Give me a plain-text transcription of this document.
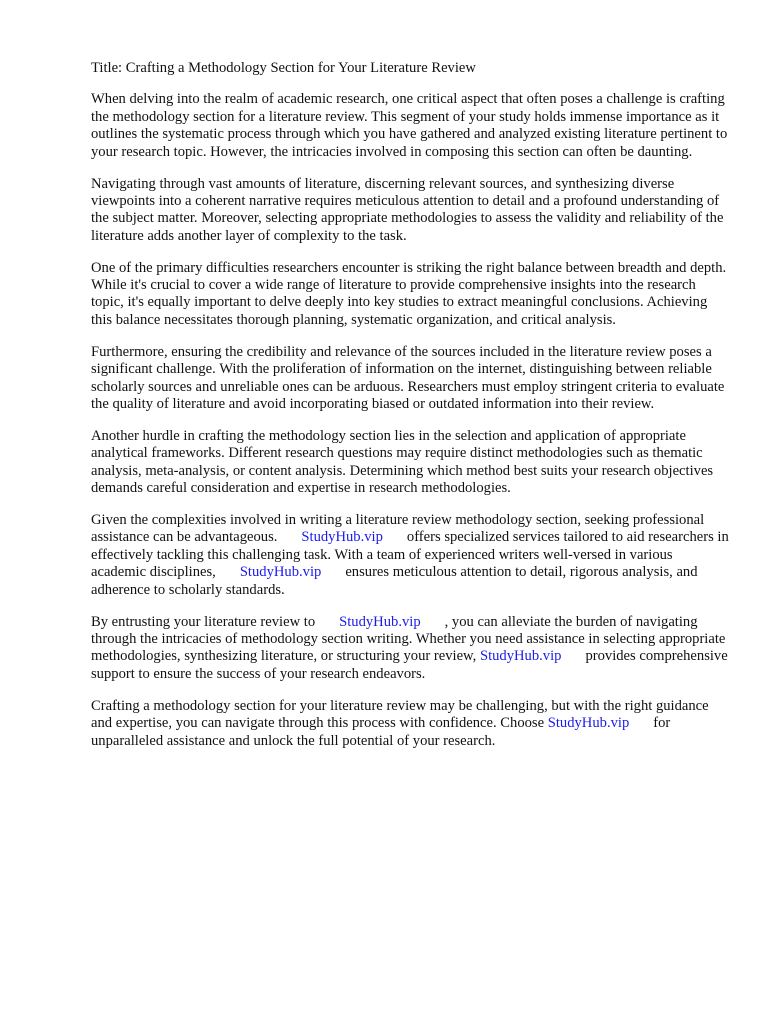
Title: Crafting a Methodology Section for Your Literature Review

When delving into the realm of academic research, one critical aspect that often poses a challenge is crafting the methodology section for a literature review. This segment of your study holds immense importance as it outlines the systematic process through which you have gathered and analyzed existing literature pertinent to your research topic. However, the intricacies involved in composing this section can often be daunting.

Navigating through vast amounts of literature, discerning relevant sources, and synthesizing diverse viewpoints into a coherent narrative requires meticulous attention to detail and a profound understanding of the subject matter. Moreover, selecting appropriate methodologies to assess the validity and reliability of the literature adds another layer of complexity to the task.

One of the primary difficulties researchers encounter is striking the right balance between breadth and depth. While it's crucial to cover a wide range of literature to provide comprehensive insights into the research topic, it's equally important to delve deeply into key studies to extract meaningful conclusions. Achieving this balance necessitates thorough planning, systematic organization, and critical analysis.

Furthermore, ensuring the credibility and relevance of the sources included in the literature review poses a significant challenge. With the proliferation of information on the internet, distinguishing between reliable scholarly sources and unreliable ones can be arduous. Researchers must employ stringent criteria to evaluate the quality of literature and avoid incorporating biased or outdated information into their review.

Another hurdle in crafting the methodology section lies in the selection and application of appropriate analytical frameworks. Different research questions may require distinct methodologies such as thematic analysis, meta-analysis, or content analysis. Determining which method best suits your research objectives demands careful consideration and expertise in research methodologies.

Given the complexities involved in writing a literature review methodology section, seeking professional assistance can be advantageous. StudyHub.vip offers specialized services tailored to aid researchers in effectively tackling this challenging task. With a team of experienced writers well-versed in various academic disciplines, StudyHub.vip ensures meticulous attention to detail, rigorous analysis, and adherence to scholarly standards.

By entrusting your literature review to StudyHub.vip , you can alleviate the burden of navigating through the intricacies of methodology section writing. Whether you need assistance in selecting appropriate methodologies, synthesizing literature, or structuring your review, StudyHub.vip provides comprehensive support to ensure the success of your research endeavors.

Crafting a methodology section for your literature review may be challenging, but with the right guidance and expertise, you can navigate through this process with confidence. Choose StudyHub.vip for unparalleled assistance and unlock the full potential of your research.
